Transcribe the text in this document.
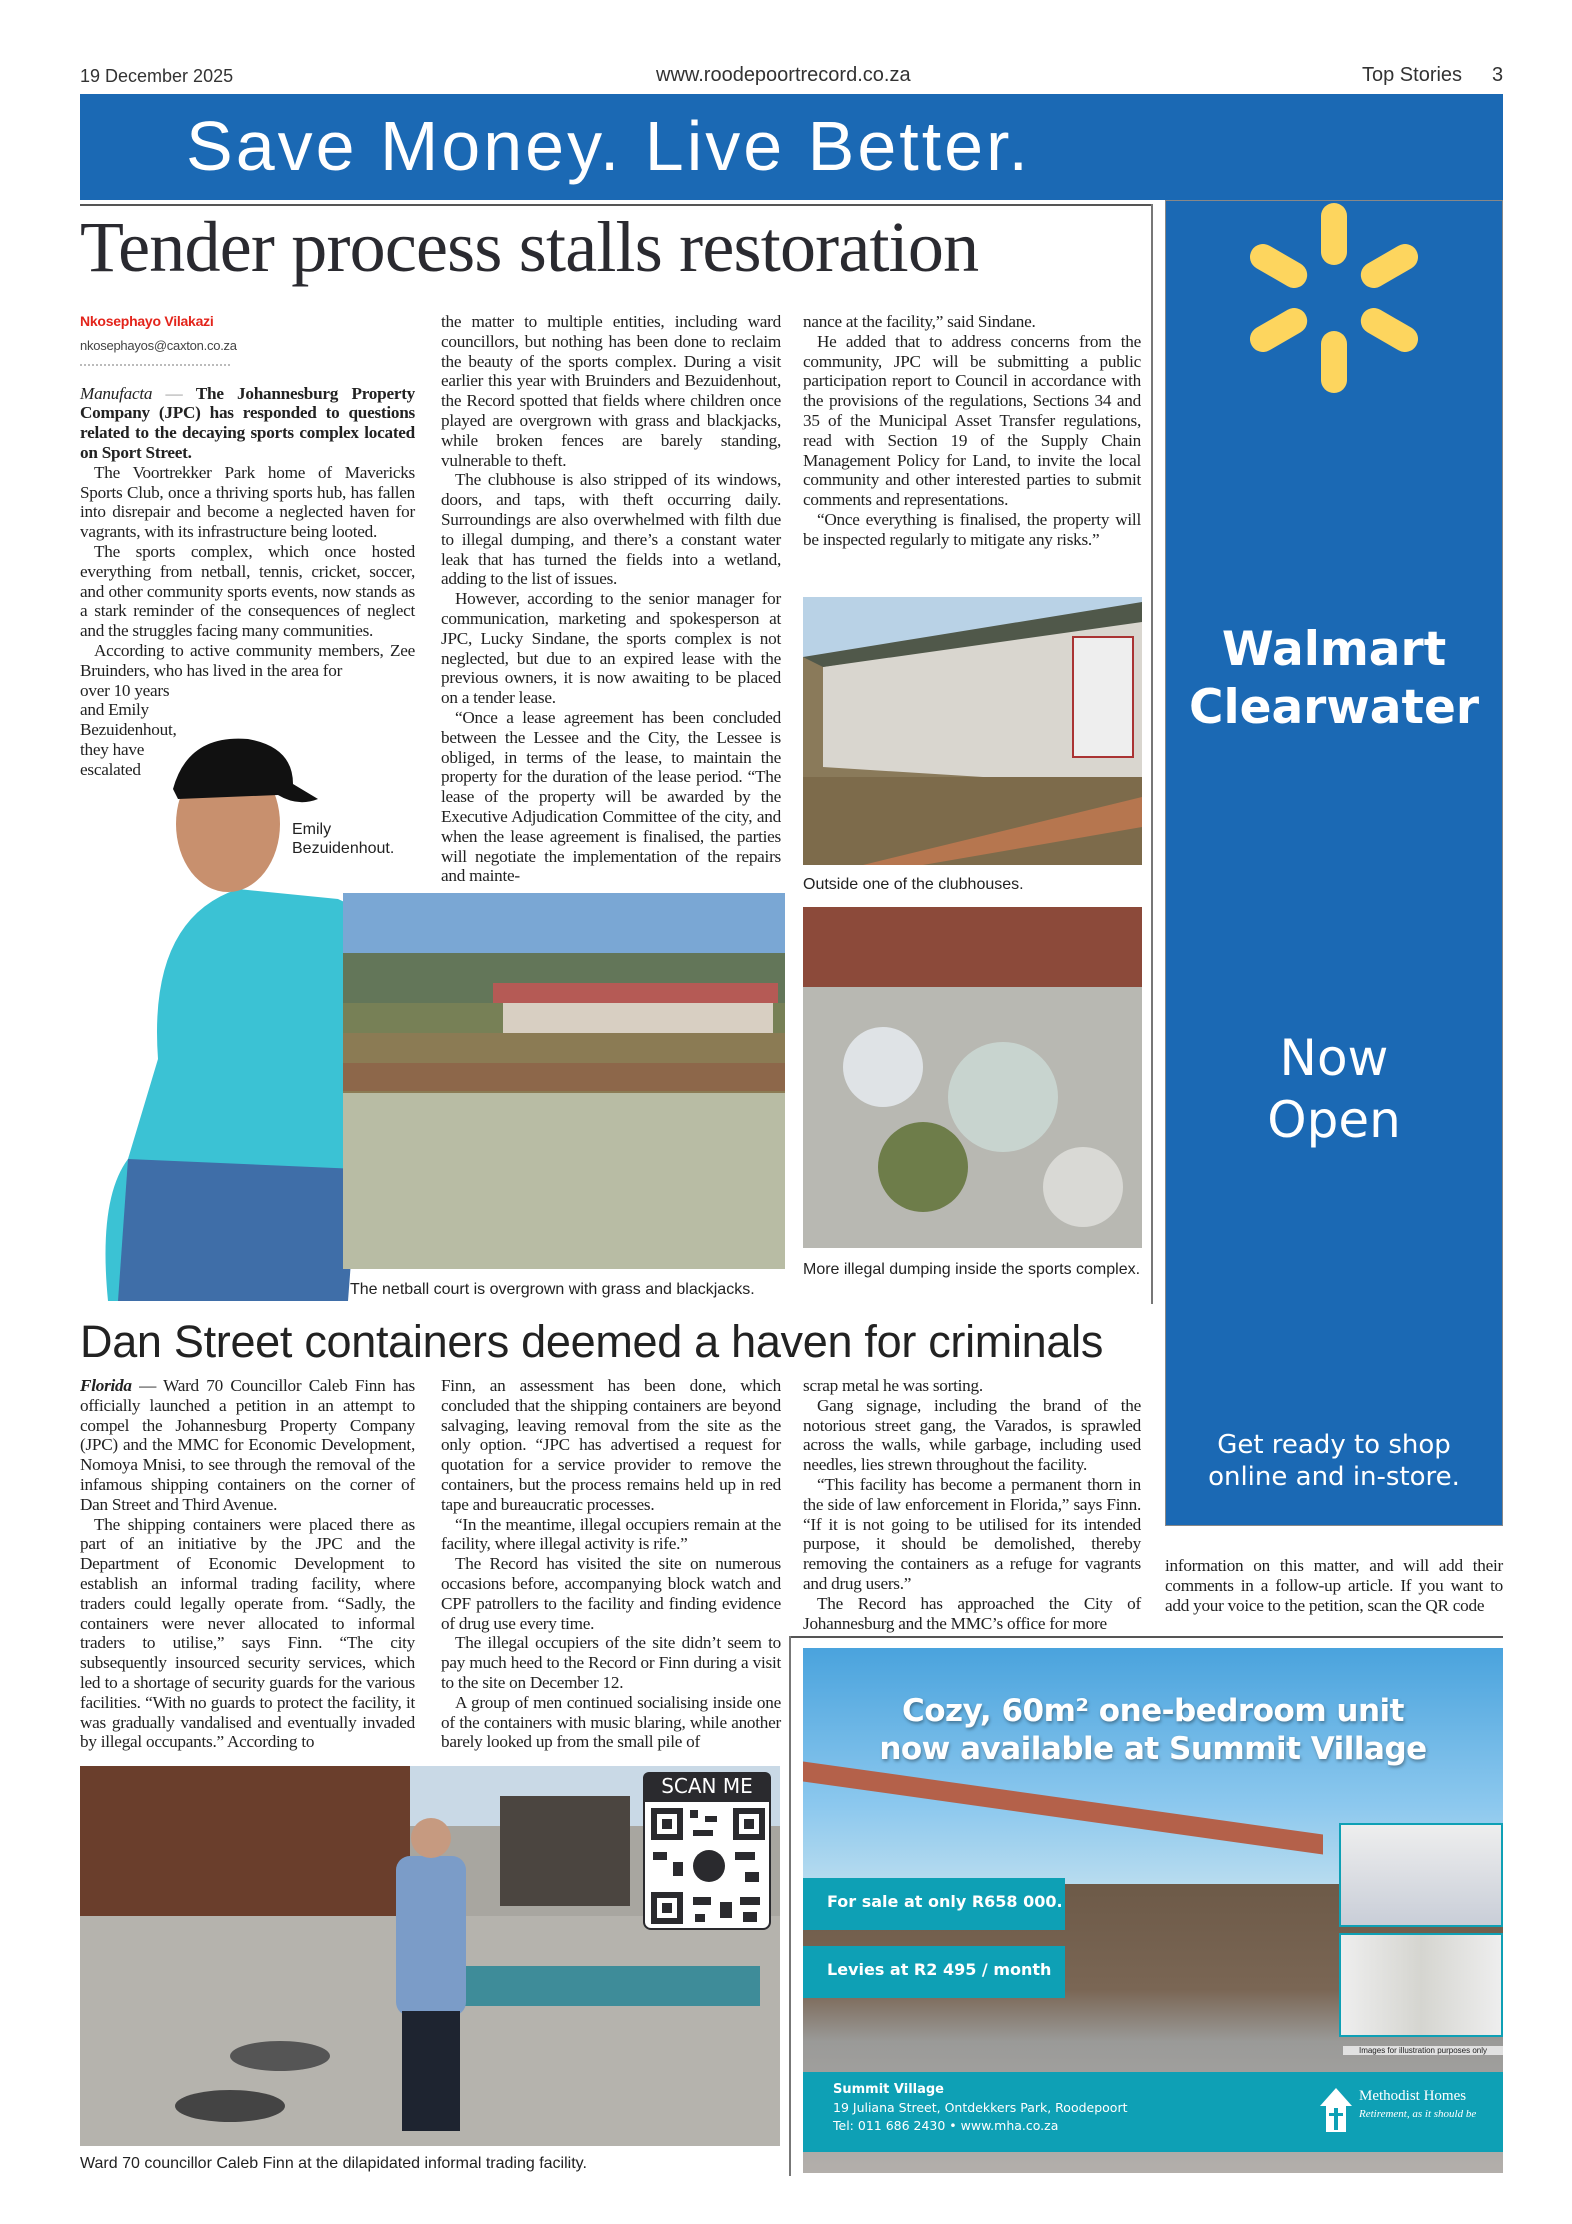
19 December 2025	www.roodepoortrecord.co.za	Top Stories 3
Save Money. Live Better.
Tender process stalls restoration
Nkosephayo Vilakazi
nkosephayos@caxton.co.za

Manufacta — The Johannesburg Property Company (JPC) has responded to questions related to the decaying sports complex located on Sport Street.

The Voortrekker Park home of Mavericks Sports Club, once a thriving sports hub, has fallen into disrepair and become a neglected haven for vagrants, with its infrastructure being looted.

The sports complex, which once hosted everything from netball, tennis, cricket, soccer, and other community sports events, now stands as a stark reminder of the consequences of neglect and the struggles facing many communities.

According to active community members, Zee Bruinders, who has lived in the area for

over 10 years and Emily Bezuidenhout, they have escalated

Emily Bezuidenhout.

the matter to multiple entities, including ward councillors, but nothing has been done to reclaim the beauty of the sports complex. During a visit earlier this year with Bruinders and Bezuidenhout, the Record spotted that fields where children once played are overgrown with grass and blackjacks, while broken fences are barely standing, vulnerable to theft.

The clubhouse is also stripped of its windows, doors, and taps, with theft occurring daily. Surroundings are also overwhelmed with filth due to illegal dumping, and there’s a constant water leak that has turned the fields into a wetland, adding to the list of issues.

However, according to the senior manager for communication, marketing and spokesperson at JPC, Lucky Sindane, the sports complex is not neglected, but due to an expired lease with the previous owners, it is now awaiting to be placed on a tender lease.

“Once a lease agreement has been concluded between the Lessee and the City, the Lessee is obliged, in terms of the lease, to maintain the property for the duration of the lease period. “The lease of the property will be awarded by the Executive Adjudication Committee of the city, and when the lease agreement is finalised, the parties will negotiate the implementation of the repairs and mainte-

The netball court is overgrown with grass and blackjacks.

nance at the facility,” said Sindane.

He added that to address concerns from the community, JPC will be submitting a public participation report to Council in accordance with the provisions of the regulations, Sections 34 and 35 of the Municipal Asset Transfer regulations, read with Section 19 of the Supply Chain Management Policy for Land, to invite the local community and other interested parties to submit comments and representations.

“Once everything is finalised, the property will be inspected regularly to mitigate any risks.”

Outside one of the clubhouses.
More illegal dumping inside the sports complex.
Walmart
Clearwater
Now
Open
Get ready to shop
online and in-store.
Dan Street containers deemed a haven for criminals

Florida — Ward 70 Councillor Caleb Finn has officially launched a petition in an attempt to compel the Johannesburg Property Company (JPC) and the MMC for Economic Development, Nomoya Mnisi, to see through the removal of the infamous shipping containers on the corner of Dan Street and Third Avenue.

The shipping containers were placed there as part of an initiative by the JPC and the Department of Economic Development to establish an informal trading facility, where traders could legally operate from. “Sadly, the containers were never allocated to informal traders to utilise,” says Finn. “The city subsequently insourced security services, which led to a shortage of security guards for the various facilities. “With no guards to protect the facility, it was gradually vandalised and eventually invaded by illegal occupants.” According to

Finn, an assessment has been done, which concluded that the shipping containers are beyond salvaging, leaving removal from the site as the only option. “JPC has advertised a request for quotation for a service provider to remove the containers, but the process remains held up in red tape and bureaucratic processes.

“In the meantime, illegal occupiers remain at the facility, where illegal activity is rife.”

The Record has visited the site on numerous occasions before, accompanying block watch and CPF patrollers to the facility and finding evidence of drug use every time.

The illegal occupiers of the site didn’t seem to pay much heed to the Record or Finn during a visit to the site on December 12.

A group of men continued socialising inside one of the containers with music blaring, while another barely looked up from the small pile of

scrap metal he was sorting.

Gang signage, including the brand of the notorious street gang, the Varados, is sprawled across the walls, while garbage, including used needles, lies strewn throughout the facility.

“This facility has become a permanent thorn in the side of law enforcement in Florida,” says Finn. “If it is not going to be utilised for its intended purpose, it should be demolished, thereby removing the containers as a refuge for vagrants and drug users.”

The Record has approached the City of Johannesburg and the MMC’s office for more

information on this matter, and will add their comments in a follow-up article. If you want to add your voice to the petition, scan the QR code

SCAN ME
Ward 70 councillor Caleb Finn at the dilapidated informal trading facility.
Cozy, 60m² one-bedroom unit
now available at Summit Village
For sale at only R658 000.
Levies at R2 495 / month
Images for illustration purposes only
Summit Village
19 Juliana Street, Ontdekkers Park, Roodepoort
Tel: 011 686 2430 • www.mha.co.za
Methodist Homes
Retirement, as it should be
